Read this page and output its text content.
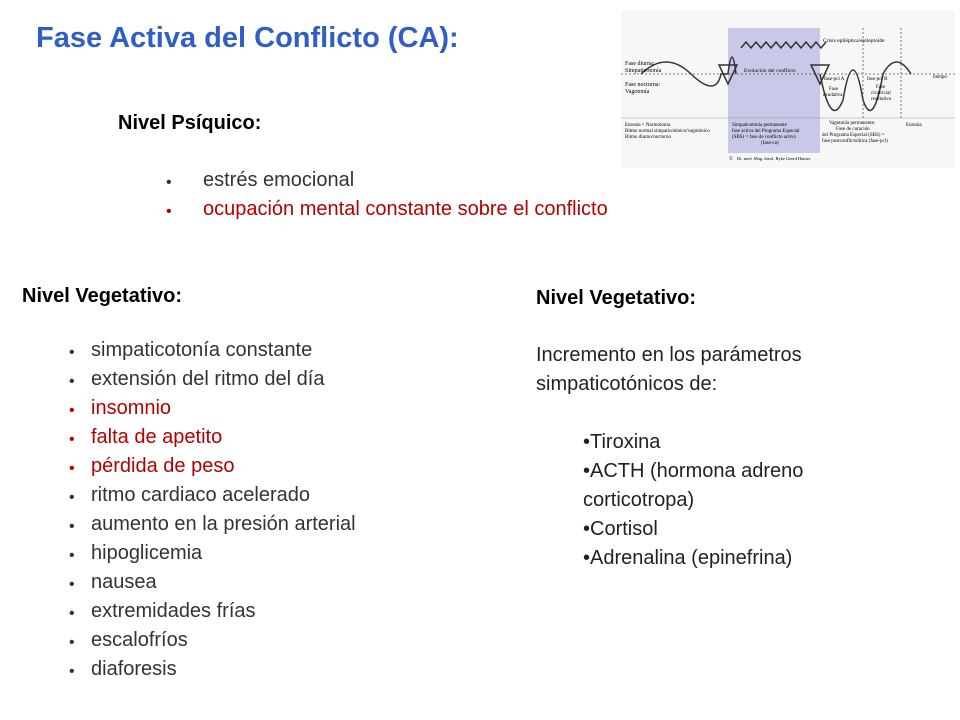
Fase Activa del Conflicto (CA):
Fase diurna:
Simpaticotonía
Fase nocturna:
Vagotonía
Evolución del conflicto
Crisis epiléptica/epileptoide
fase-pcl A	fase-pcl B
Fase
exudativa
Fase
cicatricial
restitutiva
tiempo
Eutonía = Normotonía
Ritmo normal simpaticotónico/vagotónico
Ritmo diurno/nocturno
Simpaticotonía permanente
fase activa del Programa Especial
(SBS) = fase de conflicto activo
(fase-ca)
Vagotonía permanente:
Fase de curación
del Programa Especial (SBS) =
fase postconflictolítica (fase-pcl)
Eutonía
© Dr. med. Mag. theol. Ryke Geerd Hamer
Nivel Psíquico:
• estrés emocional
• ocupación mental constante sobre el conflicto
Nivel Vegetativo:
• simpaticotonía constante
• extensión del ritmo del día
• insomnio
• falta de apetito
• pérdida de peso
• ritmo cardiaco acelerado
• aumento en la presión arterial
• hipoglicemia
• nausea
• extremidades frías
• escalofríos
• diaforesis
Nivel Vegetativo:

Incremento en los parámetros
simpaticotónicos de:

•Tiroxina
•ACTH (hormona adreno
corticotropa)
•Cortisol
•Adrenalina (epinefrina)
